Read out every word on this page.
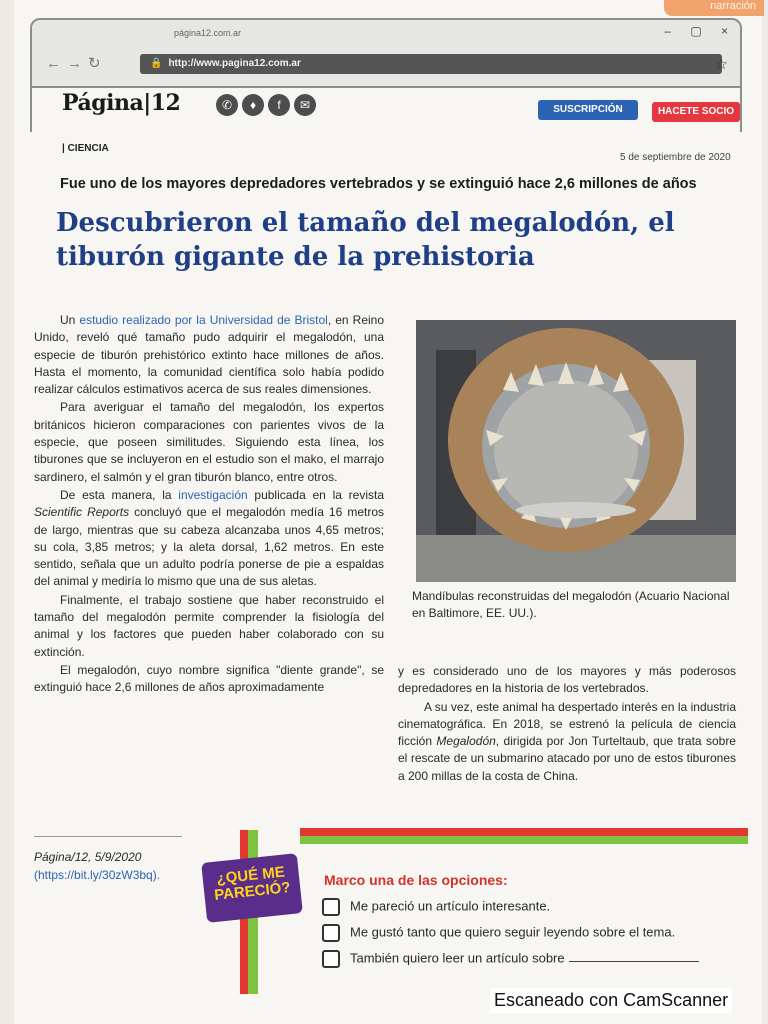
narración
página12.com.ar	– ▢ ×
←→↻	🔒 http://www.pagina12.com.ar	☆
Página|12	✆ ♦ f ✉	SUSCRIPCIÓN	HACETE SOCIO
| CIENCIA
5 de septiembre de 2020
Fue uno de los mayores depredadores vertebrados y se extinguió hace 2,6 millones de años
Descubrieron el tamaño del megalodón, el tiburón gigante de la prehistoria

Un estudio realizado por la Universidad de Bristol, en Reino Unido, reveló qué tamaño pudo adquirir el megalodón, una especie de tiburón prehistórico extinto hace millones de años. Hasta el momento, la comunidad científica solo había podido realizar cálculos estimativos acerca de sus reales dimensiones.

Para averiguar el tamaño del megalodón, los expertos británicos hicieron comparaciones con parientes vivos de la especie, que poseen similitudes. Siguiendo esta línea, los tiburones que se incluyeron en el estudio son el mako, el marrajo sardinero, el salmón y el gran tiburón blanco, entre otros.

De esta manera, la investigación publicada en la revista Scientific Reports concluyó que el megalodón medía 16 metros de largo, mientras que su cabeza alcanzaba unos 4,65 metros; su cola, 3,85 metros; y la aleta dorsal, 1,62 metros. En este sentido, señala que un adulto podría ponerse de pie a espaldas del animal y mediría lo mismo que una de sus aletas.

Finalmente, el trabajo sostiene que haber reconstruido el tamaño del megalodón permite comprender la fisiología del animal y los factores que pueden haber colaborado con su extinción.

El megalodón, cuyo nombre significa "diente grande", se extinguió hace 2,6 millones de años aproximadamente

Mandíbulas reconstruidas del megalodón (Acuario Nacional en Baltimore, EE. UU.).

y es considerado uno de los mayores y más poderosos depredadores en la historia de los vertebrados.

A su vez, este animal ha despertado interés en la industria cinematográfica. En 2018, se estrenó la película de ciencia ficción Megalodón, dirigida por Jon Turteltaub, que trata sobre el rescate de un submarino atacado por uno de estos tiburones a 200 millas de la costa de China.

Página/12, 5/9/2020
(https://bit.ly/30zW3bq).	¿QUÉ ME PARECIÓ?	Marco una de las opciones:
Me pareció un artículo interesante.
Me gustó tanto que quiero seguir leyendo sobre el tema.
También quiero leer un artículo sobre
Escaneado con CamScanner
